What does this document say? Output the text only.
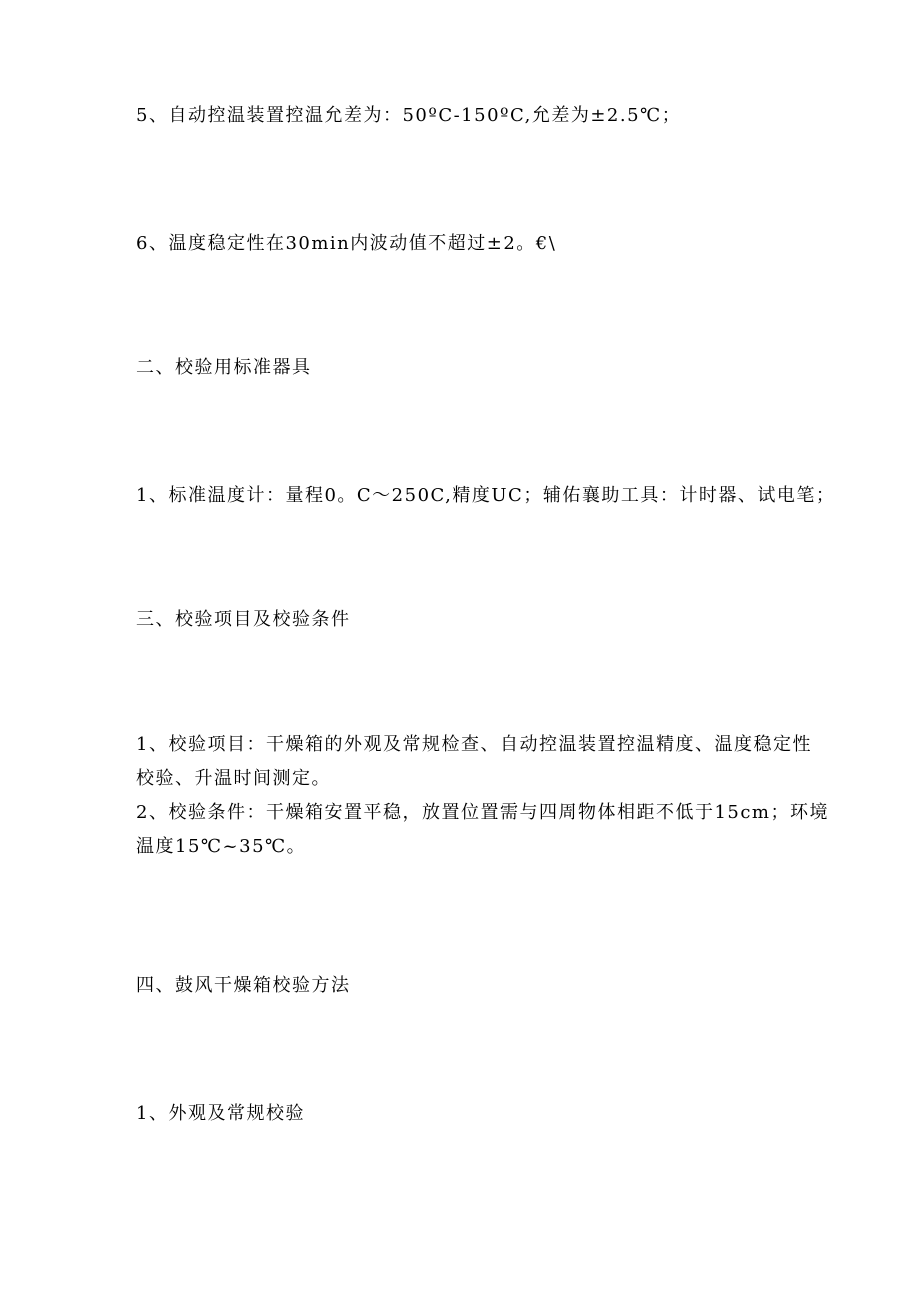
5、自动控温装置控温允差为：50ºC-150ºC,允差为±2.5℃；
6、温度稳定性在30min内波动值不超过±2。€\
二、校验用标准器具
1、标准温度计：量程0。C～250C,精度UC；辅佑襄助工具：计时器、试电笔；
三、校验项目及校验条件
1、校验项目：干燥箱的外观及常规检查、自动控温装置控温精度、温度稳定性
校验、升温时间测定。
2、校验条件：干燥箱安置平稳，放置位置需与四周物体相距不低于15cm；环境
温度15℃~35℃。
四、鼓风干燥箱校验方法
1、外观及常规校验
